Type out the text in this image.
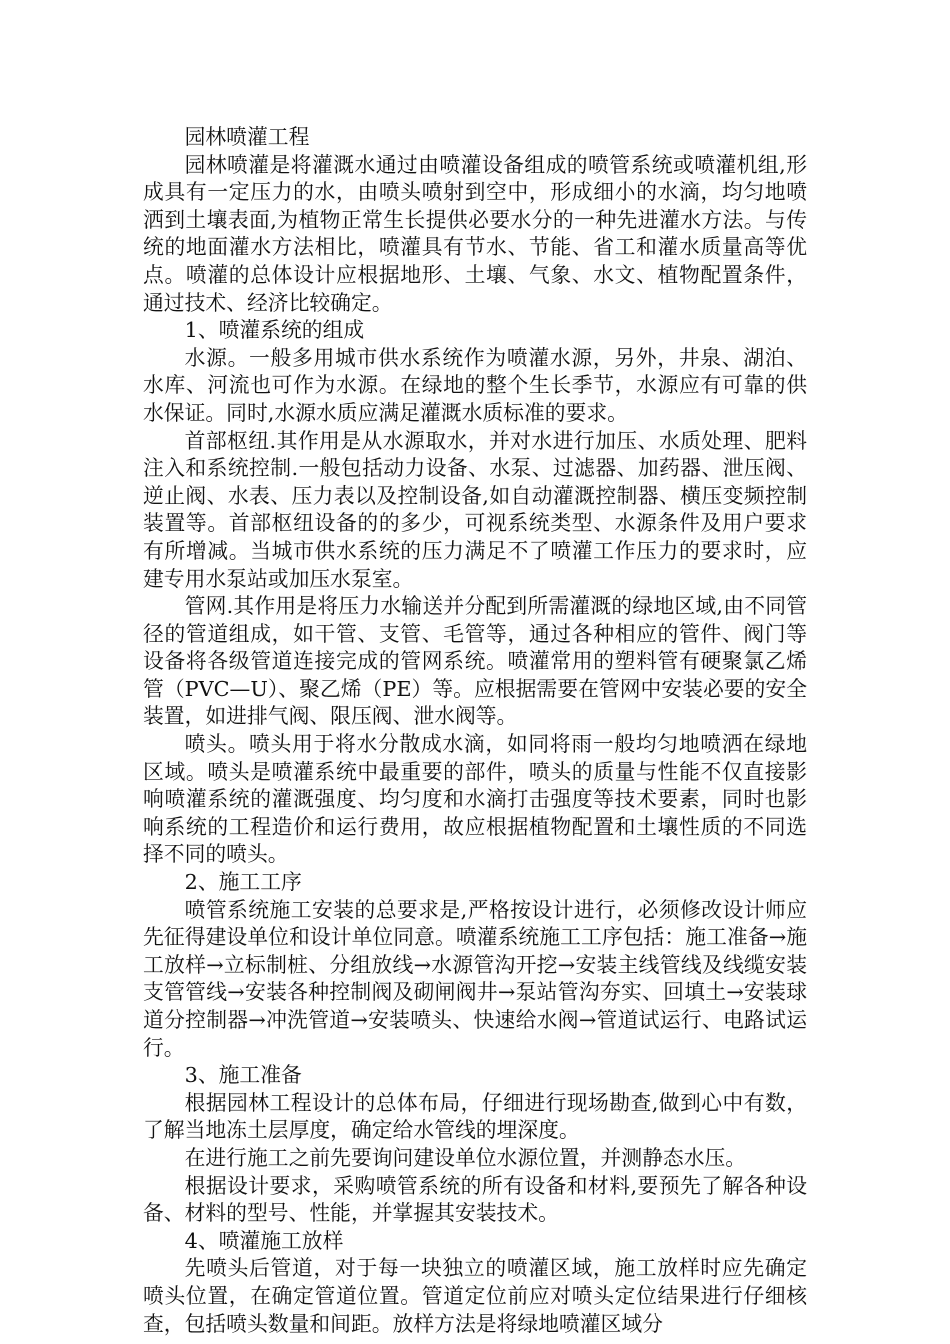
园林喷灌工程

园林喷灌是将灌溉水通过由喷灌设备组成的喷管系统或喷灌机组,形成具有一定压力的水，由喷头喷射到空中，形成细小的水滴，均匀地喷洒到土壤表面,为植物正常生长提供必要水分的一种先进灌水方法。与传统的地面灌水方法相比，喷灌具有节水、节能、省工和灌水质量高等优点。喷灌的总体设计应根据地形、土壤、气象、水文、植物配置条件，通过技术、经济比较确定。

1、喷灌系统的组成

水源。一般多用城市供水系统作为喷灌水源，另外，井泉、湖泊、水库、河流也可作为水源。在绿地的整个生长季节，水源应有可靠的供水保证。同时,水源水质应满足灌溉水质标准的要求。

首部枢纽.其作用是从水源取水，并对水进行加压、水质处理、肥料注入和系统控制.一般包括动力设备、水泵、过滤器、加药器、泄压阀、逆止阀、水表、压力表以及控制设备,如自动灌溉控制器、横压变频控制装置等。首部枢纽设备的的多少，可视系统类型、水源条件及用户要求有所增减。当城市供水系统的压力满足不了喷灌工作压力的要求时，应建专用水泵站或加压水泵室。

管网.其作用是将压力水输送并分配到所需灌溉的绿地区域,由不同管径的管道组成，如干管、支管、毛管等，通过各种相应的管件、阀门等设备将各级管道连接完成的管网系统。喷灌常用的塑料管有硬聚氯乙烯管（PVC—U）、聚乙烯（PE）等。应根据需要在管网中安装必要的安全装置，如进排气阀、限压阀、泄水阀等。

喷头。喷头用于将水分散成水滴，如同将雨一般均匀地喷洒在绿地区域。喷头是喷灌系统中最重要的部件，喷头的质量与性能不仅直接影响喷灌系统的灌溉强度、均匀度和水滴打击强度等技术要素，同时也影响系统的工程造价和运行费用，故应根据植物配置和土壤性质的不同选择不同的喷头。

2、施工工序

喷管系统施工安装的总要求是,严格按设计进行，必须修改设计师应先征得建设单位和设计单位同意。喷灌系统施工工序包括：施工准备→施工放样→立标制桩、分组放线→水源管沟开挖→安装主线管线及线缆安装支管管线→安装各种控制阀及砌闸阀井→泵站管沟夯实、回填土→安装球道分控制器→冲洗管道→安装喷头、快速给水阀→管道试运行、电路试运行。

3、施工准备

根据园林工程设计的总体布局，仔细进行现场勘查,做到心中有数，了解当地冻土层厚度，确定给水管线的埋深度。

在进行施工之前先要询问建设单位水源位置，并测静态水压。

根据设计要求，采购喷管系统的所有设备和材料,要预先了解各种设备、材料的型号、性能，并掌握其安装技术。

4、喷灌施工放样

先喷头后管道，对于每一块独立的喷灌区域，施工放样时应先确定喷头位置，在确定管道位置。管道定位前应对喷头定位结果进行仔细核查，包括喷头数量和间距。放样方法是将绿地喷灌区域分
